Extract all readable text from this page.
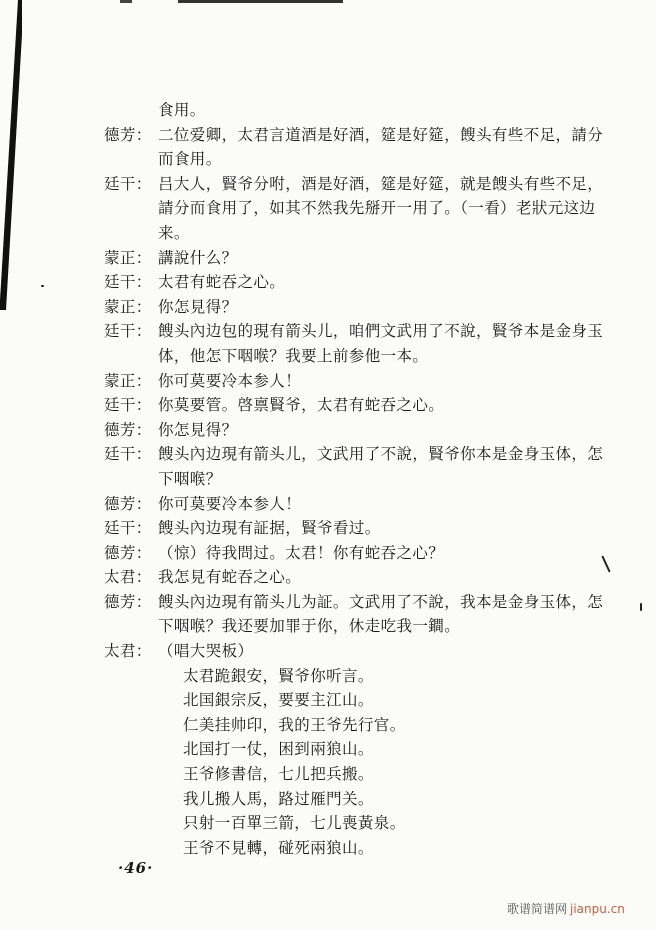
食用。
德芳： 二位爱卿，太君言道酒是好酒，筵是好筵，餿头有些不足，請分
而食用。
廷干： 吕大人，賢爷分咐，酒是好酒，筵是好筵，就是餿头有些不足，
請分而食用了，如其不然我先掰开一用了。（一看）老狀元这边
来。
蒙正： 講說什么？
廷干： 太君有蛇吞之心。
蒙正： 你怎見得？
廷干： 餿头內边包的現有箭头儿，咱們文武用了不說，賢爷本是金身玉
体，他怎下咽喉？我要上前参他一本。
蒙正： 你可莫要冷本参人！
廷干： 你莫要管。啓禀賢爷，太君有蛇吞之心。
德芳： 你怎見得？
廷干： 餿头內边現有箭头儿，文武用了不說，賢爷你本是金身玉体，怎
下咽喉？
德芳： 你可莫要冷本参人！
廷干： 餿头內边現有証据，賢爷看过。
德芳： （惊）待我問过。太君！你有蛇吞之心？
太君： 我怎見有蛇吞之心。
德芳： 餿头內边現有箭头儿为証。文武用了不說，我本是金身玉体，怎
下咽喉？我还要加罪于你，休走吃我一鐧。
太君： （唱大哭板）
太君跪銀安，賢爷你听言。
北国銀宗反，要要主江山。
仁美挂帅印，我的王爷先行官。
北国打一仗，困到兩狼山。
王爷修書信，七儿把兵搬。
我儿搬人馬，路过雁門关。
只射一百單三箭，七儿喪黃泉。
王爷不見轉，碰死兩狼山。
·46·
歌谱简谱网 jianpu.cn
